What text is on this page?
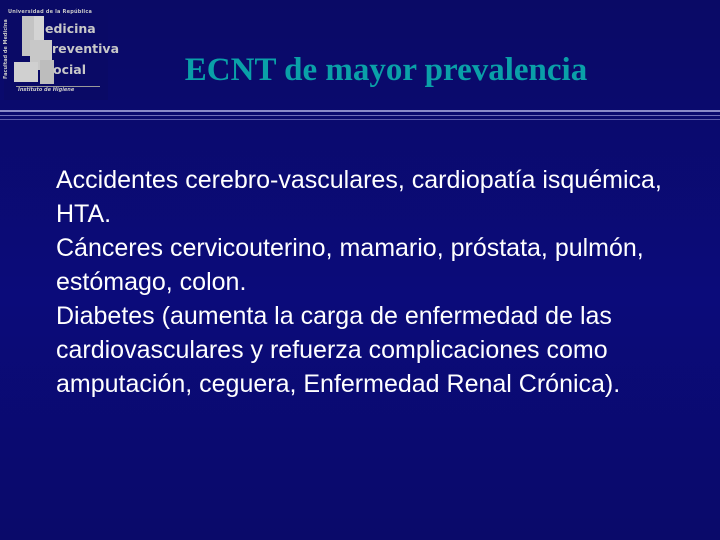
Universidad de la República
Facultad de Medicina	edicina
reventiva
ocial
Instituto de Higiene
ECNT de mayor prevalencia

Accidentes cerebro-vasculares, cardiopatía isquémica, HTA.

Cánceres cervicouterino, mamario, próstata, pulmón, estómago, colon.

Diabetes (aumenta la carga de enfermedad de las cardiovasculares y refuerza complicaciones como amputación, ceguera, Enfermedad Renal Crónica).
